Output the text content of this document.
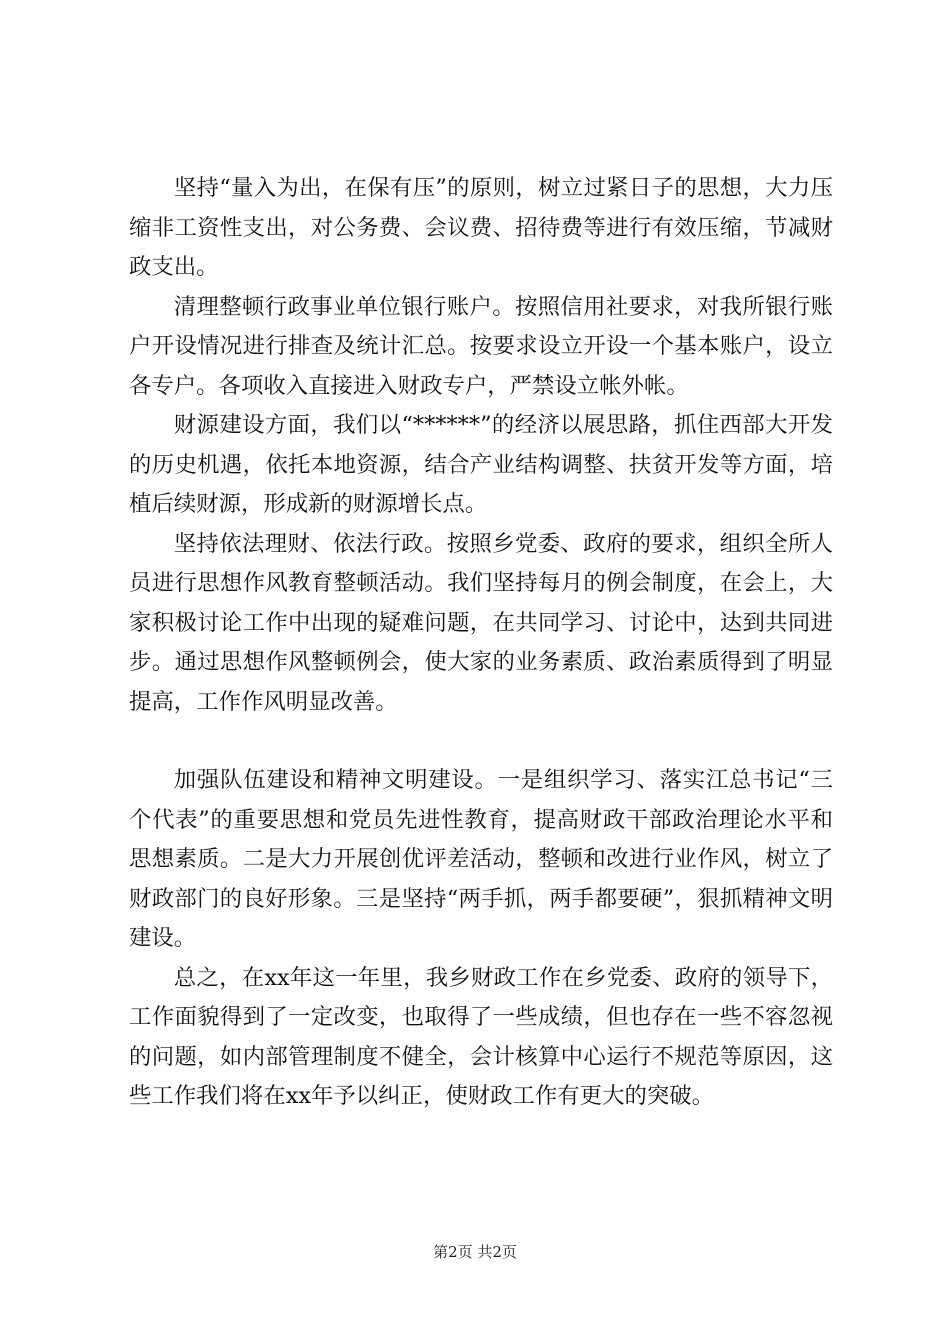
坚持“量入为出，在保有压”的原则，树立过紧日子的思想，大力压缩非工资性支出，对公务费、会议费、招待费等进行有效压缩，节减财政支出。

清理整顿行政事业单位银行账户。按照信用社要求，对我所银行账户开设情况进行排查及统计汇总。按要求设立开设一个基本账户，设立各专户。各项收入直接进入财政专户，严禁设立帐外帐。

财源建设方面，我们以“******”的经济以展思路，抓住西部大开发的历史机遇，依托本地资源，结合产业结构调整、扶贫开发等方面，培植后续财源，形成新的财源增长点。

坚持依法理财、依法行政。按照乡党委、政府的要求，组织全所人员进行思想作风教育整顿活动。我们坚持每月的例会制度，在会上，大家积极讨论工作中出现的疑难问题，在共同学习、讨论中，达到共同进步。通过思想作风整顿例会，使大家的业务素质、政治素质得到了明显提高，工作作风明显改善。

加强队伍建设和精神文明建设。一是组织学习、落实江总书记“三个代表”的重要思想和党员先进性教育，提高财政干部政治理论水平和思想素质。二是大力开展创优评差活动，整顿和改进行业作风，树立了财政部门的良好形象。三是坚持“两手抓，两手都要硬”，狠抓精神文明建设。

总之，在xx年这一年里，我乡财政工作在乡党委、政府的领导下，工作面貌得到了一定改变，也取得了一些成绩，但也存在一些不容忽视的问题，如内部管理制度不健全，会计核算中心运行不规范等原因，这些工作我们将在xx年予以纠正，使财政工作有更大的突破。

第2页 共2页
